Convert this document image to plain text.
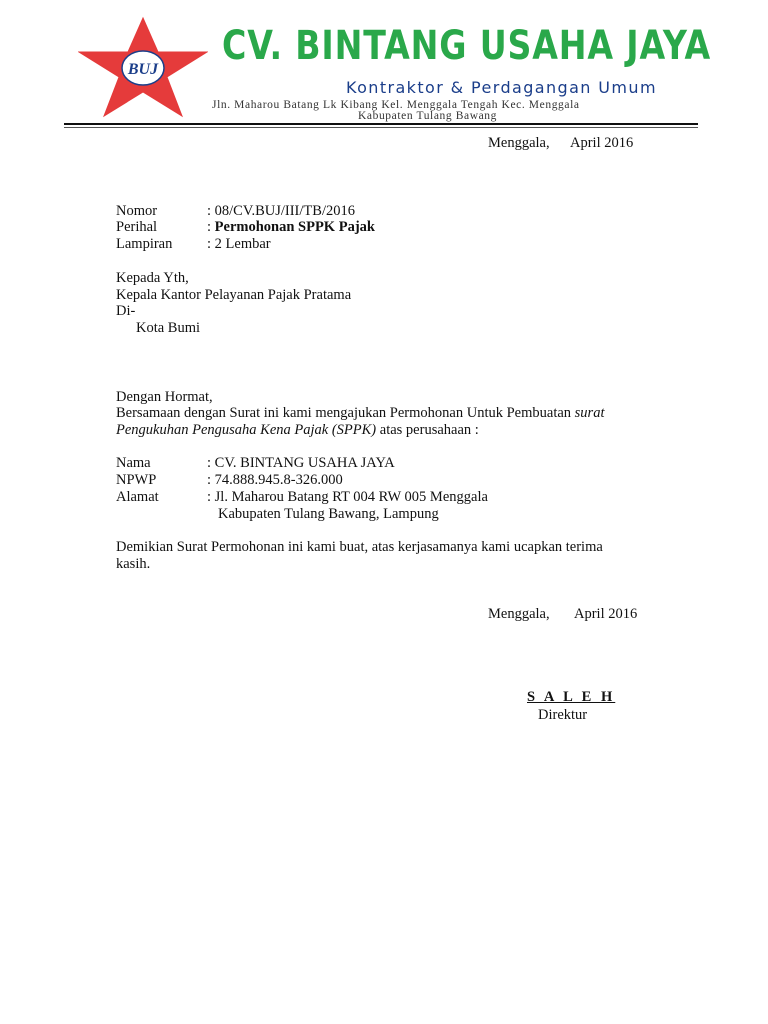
BUJ
CV. BINTANG USAHA JAYA
Kontraktor & Perdagangan Umum
Jln. Maharou Batang Lk Kibang Kel. Menggala Tengah Kec. Menggala
Kabupaten Tulang Bawang
Menggala, April 2016
Nomor	: 08/CV.BUJ/III/TB/2016
Perihal	: Permohonan SPPK Pajak
Lampiran : 2 Lembar
Kepada Yth,
Kepala Kantor Pelayanan Pajak Pratama
Di-
Kota Bumi
Dengan Hormat,
Bersamaan dengan Surat ini kami mengajukan Permohonan Untuk Pembuatan surat
Pengukuhan Pengusaha Kena Pajak (SPPK) atas perusahaan :
Nama	: CV. BINTANG USAHA JAYA
NPWP	: 74.888.945.8-326.000
Alamat	: Jl. Maharou Batang RT 004 RW 005 Menggala
Kabupaten Tulang Bawang, Lampung
Demikian Surat Permohonan ini kami buat, atas kerjasamanya kami ucapkan terima
kasih.
Menggala, April 2016
S A L E H
Direktur
